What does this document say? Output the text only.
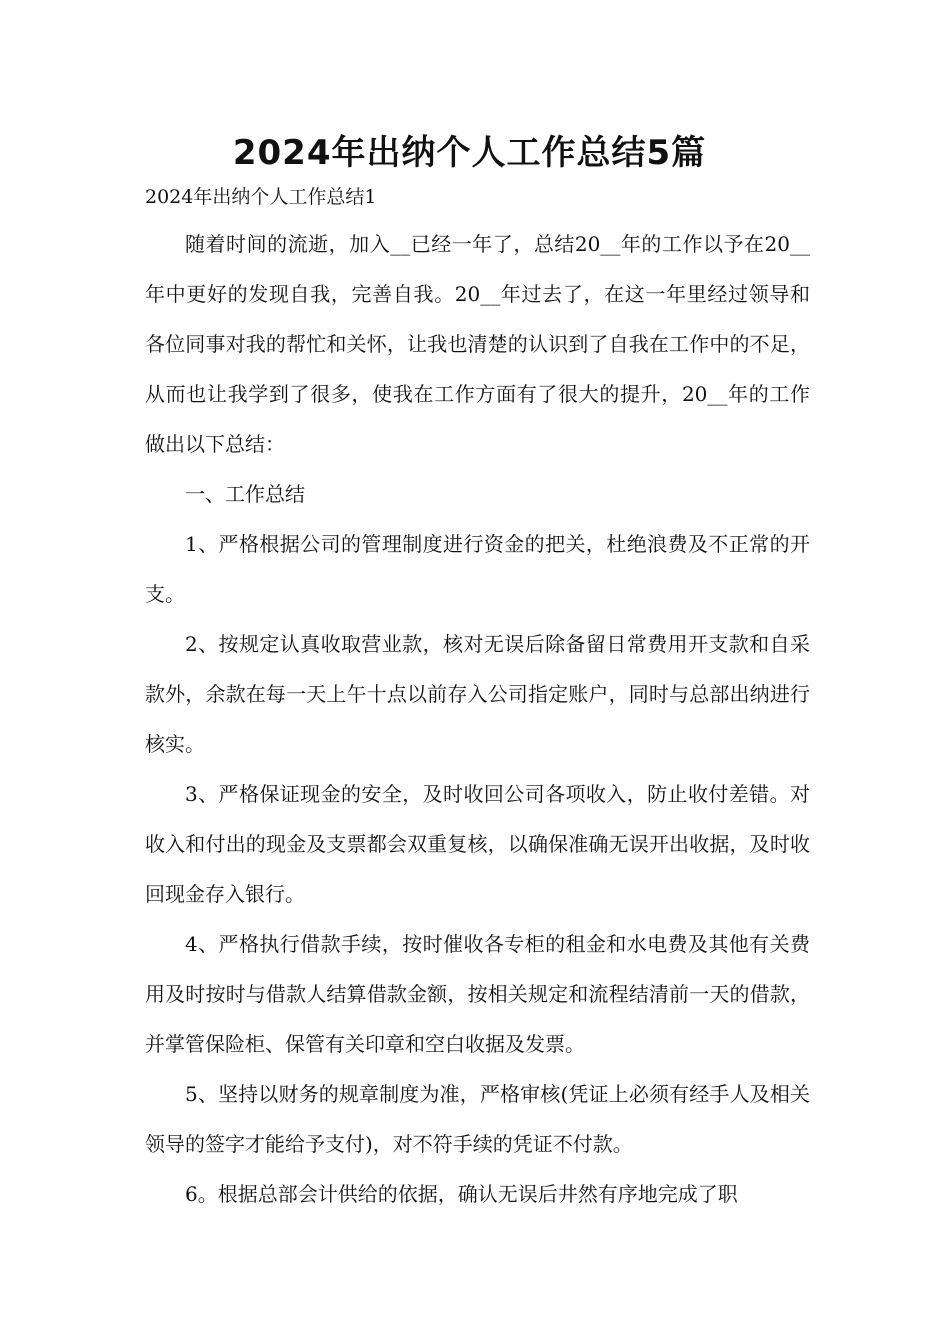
2024年出纳个人工作总结5篇

2024年出纳个人工作总结1

随着时间的流逝，加入__已经一年了，总结20__年的工作以予在20__年中更好的发现自我，完善自我。20__年过去了，在这一年里经过领导和各位同事对我的帮忙和关怀，让我也清楚的认识到了自我在工作中的不足，从而也让我学到了很多，使我在工作方面有了很大的提升，20__年的工作做出以下总结：

一、工作总结

1、严格根据公司的管理制度进行资金的把关，杜绝浪费及不正常的开支。

2、按规定认真收取营业款，核对无误后除备留日常费用开支款和自采款外，余款在每一天上午十点以前存入公司指定账户，同时与总部出纳进行核实。

3、严格保证现金的安全，及时收回公司各项收入，防止收付差错。对收入和付出的现金及支票都会双重复核，以确保准确无误开出收据，及时收回现金存入银行。

4、严格执行借款手续，按时催收各专柜的租金和水电费及其他有关费用及时按时与借款人结算借款金额，按相关规定和流程结清前一天的借款，并掌管保险柜、保管有关印章和空白收据及发票。

5、坚持以财务的规章制度为准，严格审核(凭证上必须有经手人及相关领导的签字才能给予支付)，对不符手续的凭证不付款。

6。根据总部会计供给的依据，确认无误后井然有序地完成了职
